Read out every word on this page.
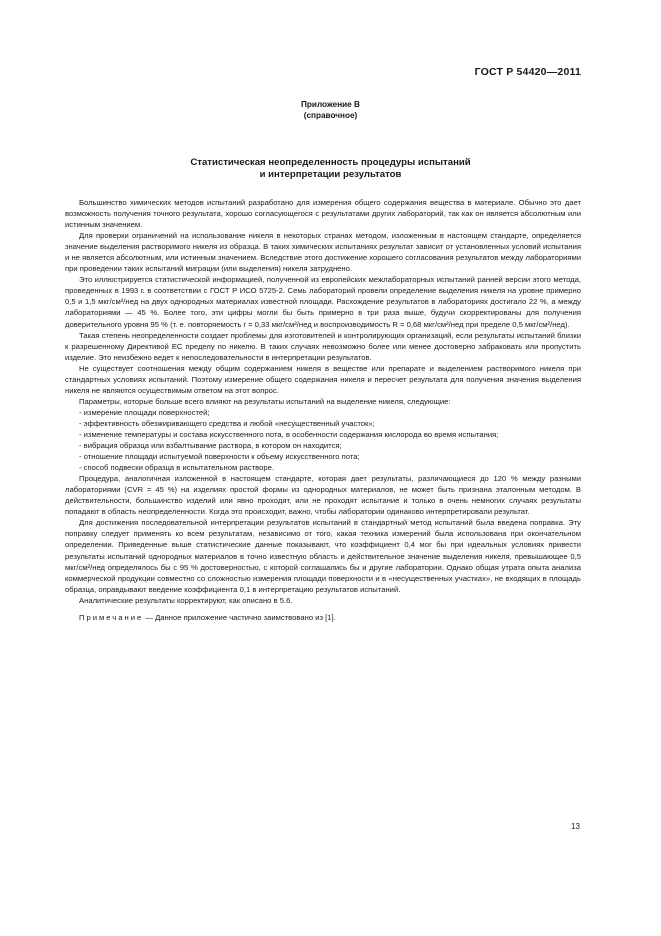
ГОСТ Р 54420—2011
Приложение В
(справочное)
Статистическая неопределенность процедуры испытаний
и интерпретации результатов

Большинство химических методов испытаний разработано для измерения общего содержания вещества в материале. Обычно это дает возможность получения точного результата, хорошо согласующегося с результатами других лабораторий, так как он является абсолютным или истинным значением.

Для проверки ограничений на использование никеля в некоторых странах методом, изложенным в настоящем стандарте, определяется значение выделения растворимого никеля из образца. В таких химических испытаниях результат зависит от установленных условий испытания и не является абсолютным, или истинным значением. Вследствие этого достижение хорошего согласования результатов между лабораториями при проведении таких испытаний миграции (или выделения) никеля затруднено.

Это иллюстрируется статистической информацией, полученной из европейских межлабораторных испытаний ранней версии этого метода, проведенных в 1993 г. в соответствии с ГОСТ Р ИСО 5725-2. Семь лабораторий провели определение выделения никеля на уровне примерно 0,5 и 1,5 мкг/см²/нед на двух однородных материалах известной площади. Расхождение результатов в лабораториях достигало 22 %, а между лабораториями — 45 %. Более того, эти цифры могли бы быть примерно в три раза выше, будучи скорректированы для получения доверительного уровня 95 % (т. е. повторяемость r = 0,33 мкг/см²/нед и воспроизводимость R = 0,68 мкг/см²/нед при пределе 0,5 мкг/см²/нед).

Такая степень неопределенности создает проблемы для изготовителей и контролирующих организаций, если результаты испытаний близки к разрешенному Директивой ЕС пределу по никелю. В таких случаях невозможно более или менее достоверно забраковать или пропустить изделие. Это неизбежно ведет к непоследовательности в интерпретации результатов.

Не существует соотношения между общим содержанием никеля в веществе или препарате и выделением растворимого никеля при стандартных условиях испытаний. Поэтому измерение общего содержания никеля и пересчет результата для получения значения выделения никеля не являются осуществимым ответом на этот вопрос.

Параметры, которые больше всего влияют на результаты испытаний на выделение никеля, следующие:

- измерение площади поверхностей;

- эффективность обезжиривающего средства и любой «несущественный участок»;

- изменение температуры и состава искусственного пота, в особенности содержания кислорода во время испытания;

- вибрация образца или взбалтывание раствора, в котором он находится;

- отношение площади испытуемой поверхности к объему искусственного пота;

- способ подвески образца в испытательном растворе.

Процедура, аналогичная изложенной в настоящем стандарте, которая дает результаты, различающиеся до 120 % между разными лабораториями (CVR = 45 %) на изделиях простой формы из однородных материалов, не может быть признана эталонным методом. В действительности, большинство изделий или явно проходят, или не проходят испытание и только в очень немногих случаях результаты попадают в область неопределенности. Когда это происходит, важно, чтобы лаборатории одинаково интерпретировали результат.

Для достижения последовательной интерпретации результатов испытаний в стандартный метод испытаний была введена поправка. Эту поправку следует применять ко всем результатам, независимо от того, какая техника измерений была использована при окончательном определении. Приведенные выше статистические данные показывают, что коэффициент 0,4 мог бы при идеальных условиях привести результаты испытаний однородных материалов в точно известную область и действительное значение выделения никеля, превышающее 0,5 мкг/см²/нед определялось бы с 95 % достоверностью, с которой соглашались бы и другие лаборатории. Однако общая утрата опыта анализа коммерческой продукции совместно со сложностью измерения площади поверхности и в «несущественных участках», не входящих в площадь образца, оправдывают введение коэффициента 0,1 в интерпретацию результатов испытаний.

Аналитические результаты корректируют, как описано в 5.6.

Примечание — Данное приложение частично заимствовано из [1].

13
